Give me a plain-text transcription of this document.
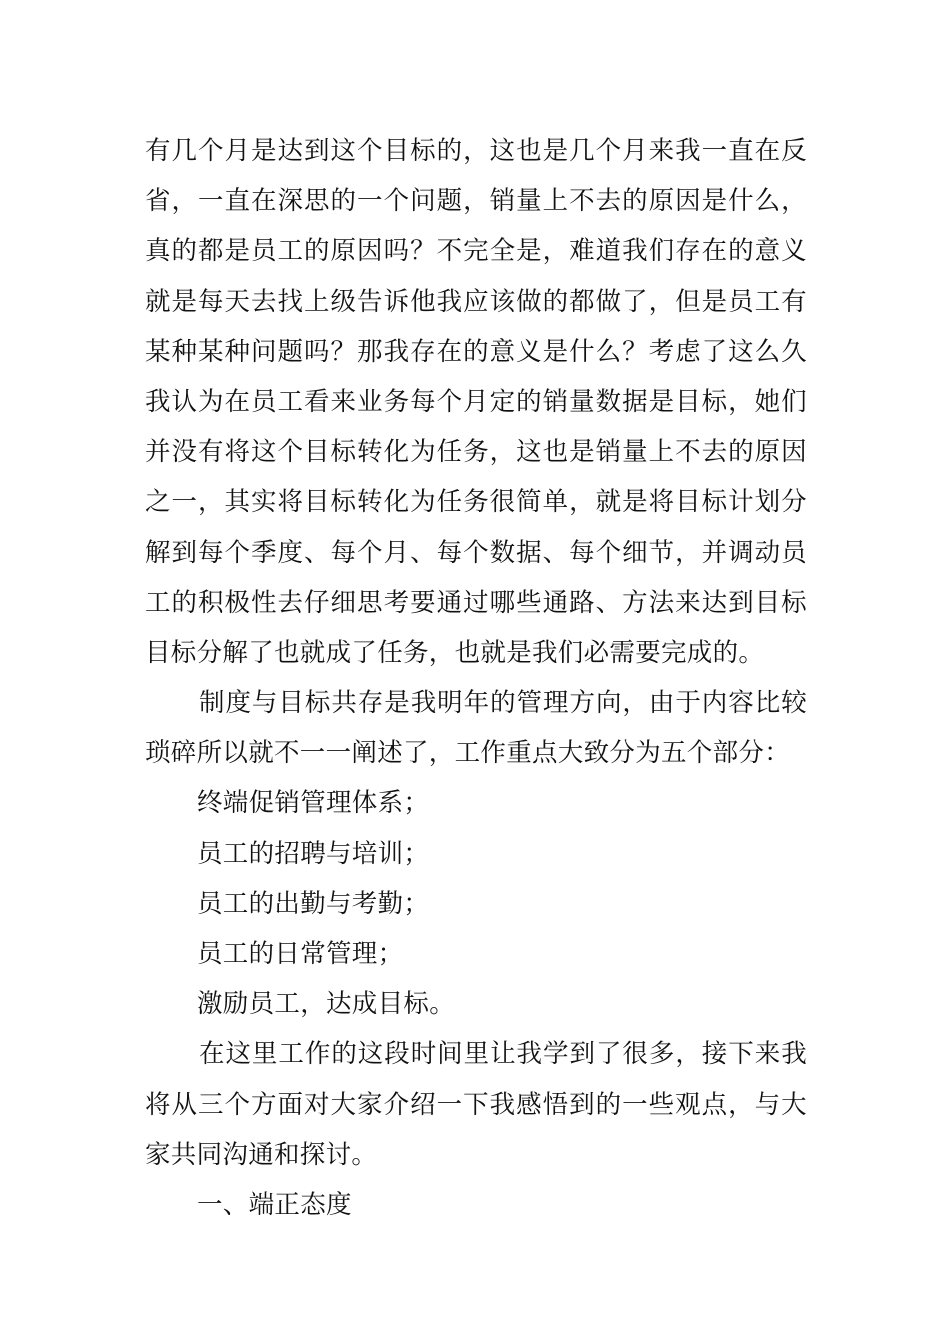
有几个月是达到这个目标的，这也是几个月来我一直在反
省，一直在深思的一个问题，销量上不去的原因是什么，
真的都是员工的原因吗？不完全是，难道我们存在的意义
就是每天去找上级告诉他我应该做的都做了，但是员工有
某种某种问题吗？那我存在的意义是什么？考虑了这么久
我认为在员工看来业务每个月定的销量数据是目标，她们
并没有将这个目标转化为任务，这也是销量上不去的原因
之一，其实将目标转化为任务很简单，就是将目标计划分
解到每个季度、每个月、每个数据、每个细节，并调动员
工的积极性去仔细思考要通过哪些通路、方法来达到目标
目标分解了也就成了任务，也就是我们必需要完成的。
制度与目标共存是我明年的管理方向，由于内容比较
琐碎所以就不一一阐述了，工作重点大致分为五个部分：
终端促销管理体系；
员工的招聘与培训；
员工的出勤与考勤；
员工的日常管理；
激励员工，达成目标。
在这里工作的这段时间里让我学到了很多，接下来我
将从三个方面对大家介绍一下我感悟到的一些观点，与大
家共同沟通和探讨。
一、端正态度
